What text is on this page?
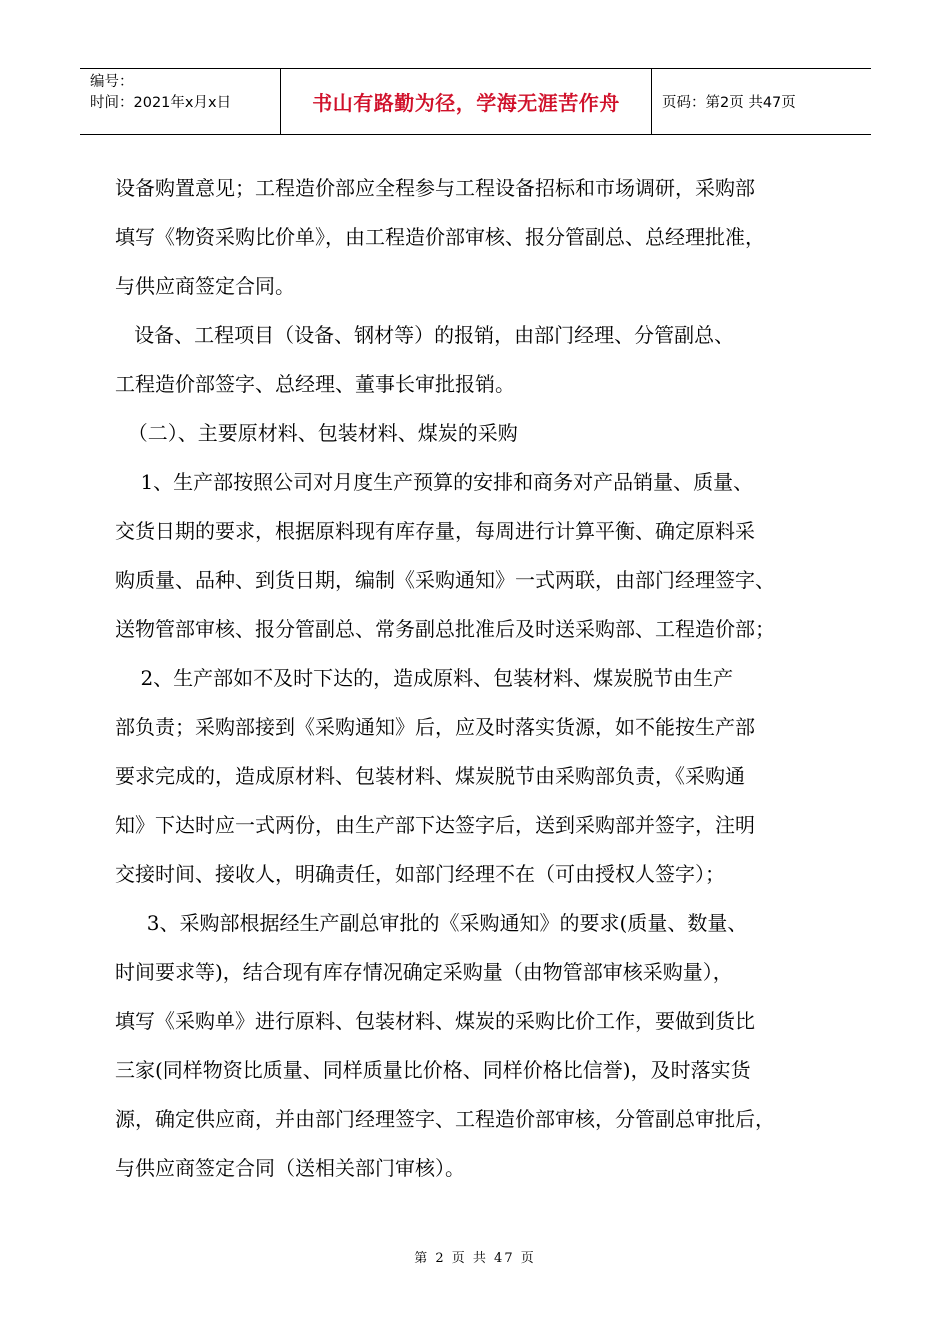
编号：
时间：2021年x月x日	书山有路勤为径，学海无涯苦作舟	页码：第2页 共47页

设备购置意见；工程造价部应全程参与工程设备招标和市场调研，采购部
填写《物资采购比价单》，由工程造价部审核、报分管副总、总经理批准，
与供应商签定合同。

设备、工程项目（设备、钢材等）的报销，由部门经理、分管副总、
工程造价部签字、总经理、董事长审批报销。

（二）、主要原材料、包装材料、煤炭的采购

1、生产部按照公司对月度生产预算的安排和商务对产品销量、质量、
交货日期的要求，根据原料现有库存量，每周进行计算平衡、确定原料采
购质量、品种、到货日期，编制《采购通知》一式两联，由部门经理签字、
送物管部审核、报分管副总、常务副总批准后及时送采购部、工程造价部；

2、生产部如不及时下达的，造成原料、包装材料、煤炭脱节由生产
部负责；采购部接到《采购通知》后，应及时落实货源，如不能按生产部
要求完成的，造成原材料、包装材料、煤炭脱节由采购部负责，《采购通
知》下达时应一式两份，由生产部下达签字后，送到采购部并签字，注明
交接时间、接收人，明确责任，如部门经理不在（可由授权人签字）；

3、采购部根据经生产副总审批的《采购通知》的要求(质量、数量、
时间要求等)，结合现有库存情况确定采购量（由物管部审核采购量），
填写《采购单》进行原料、包装材料、煤炭的采购比价工作，要做到货比
三家(同样物资比质量、同样质量比价格、同样价格比信誉)，及时落实货
源，确定供应商，并由部门经理签字、工程造价部审核，分管副总审批后，
与供应商签定合同（送相关部门审核）。

第 2 页 共 47 页
